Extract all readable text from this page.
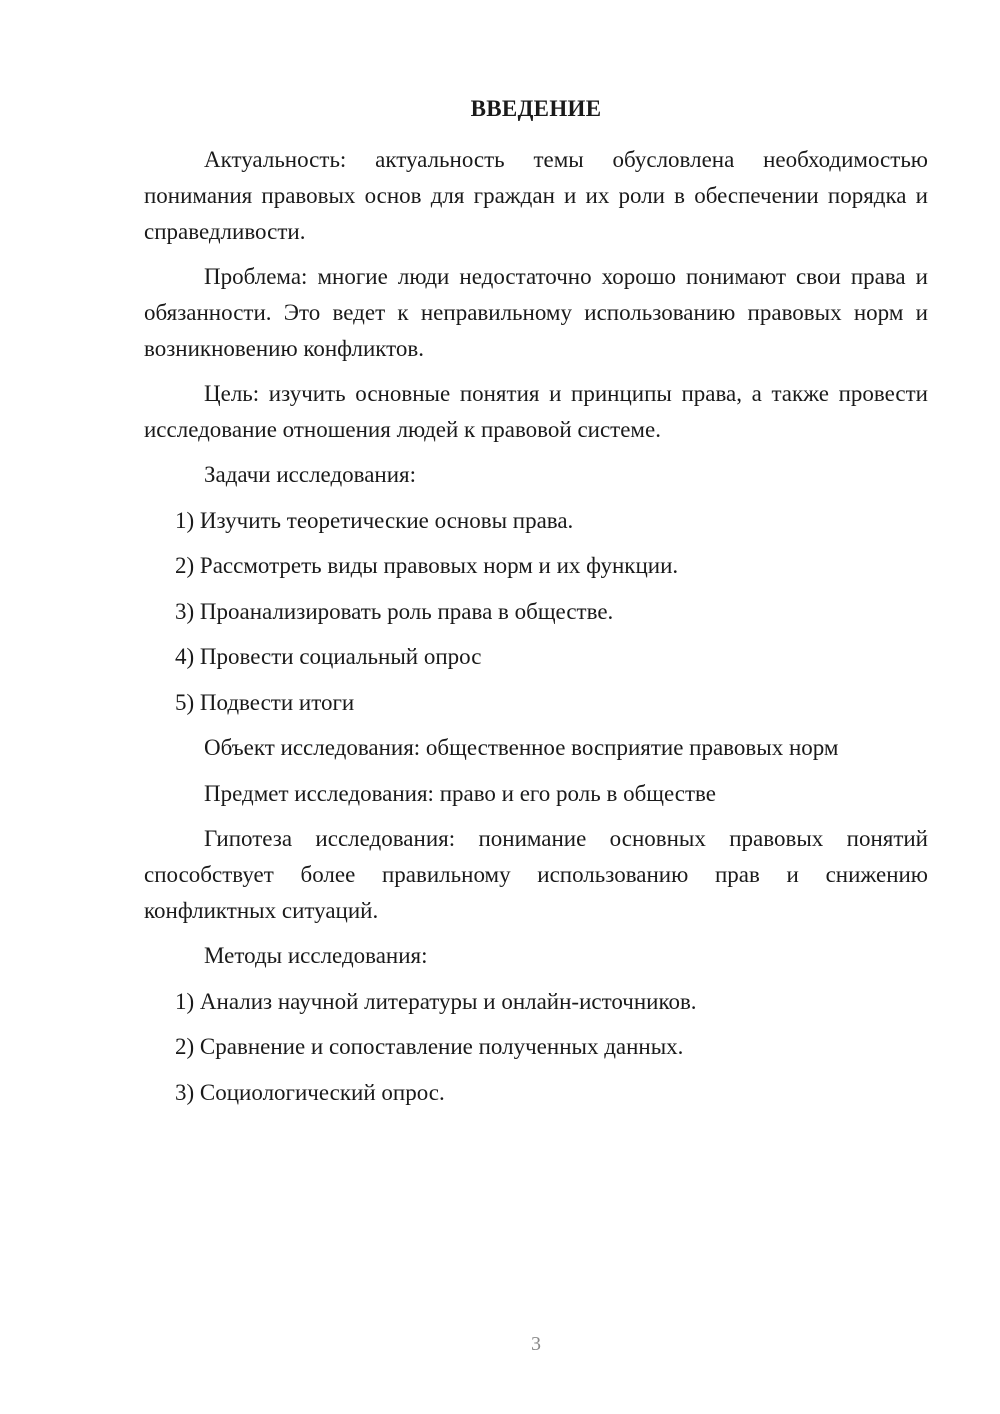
ВВЕДЕНИЕ

Актуальность: актуальность темы обусловлена необходимостью понимания правовых основ для граждан и их роли в обеспечении порядка и справедливости.

Проблема: многие люди недостаточно хорошо понимают свои права и обязанности. Это ведет к неправильному использованию правовых норм и возникновению конфликтов.

Цель: изучить основные понятия и принципы права, а также провести исследование отношения людей к правовой системе.

Задачи исследования:

1) Изучить теоретические основы права.

2) Рассмотреть виды правовых норм и их функции.

3) Проанализировать роль права в обществе.

4) Провести социальный опрос

5) Подвести итоги

Объект исследования: общественное восприятие правовых норм

Предмет исследования: право и его роль в обществе

Гипотеза исследования: понимание основных правовых понятий способствует более правильному использованию прав и снижению конфликтных ситуаций.

Методы исследования:

1) Анализ научной литературы и онлайн-источников.

2) Сравнение и сопоставление полученных данных.

3) Социологический опрос.

3
